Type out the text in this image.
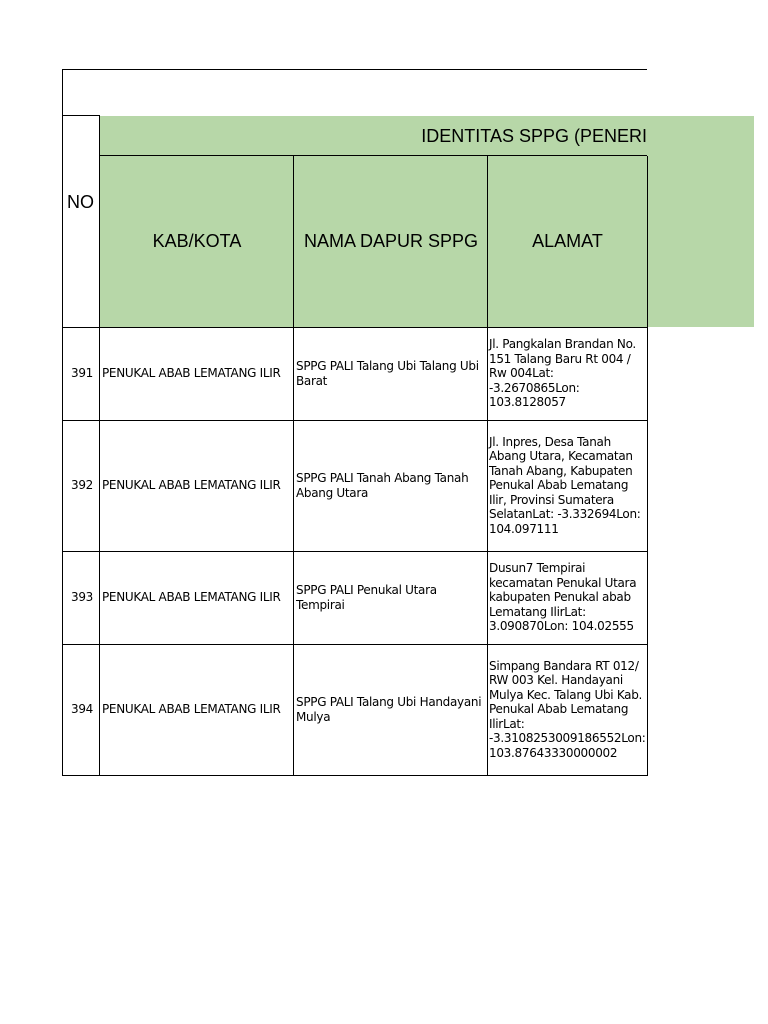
IDENTITAS SPPG (PENERI
NO
KAB/KOTA	NAMA DAPUR SPPG	ALAMAT
391 PENUKAL ABAB LEMATANG ILIR
SPPG PALI Talang Ubi Talang Ubi Barat
Jl. Pangkalan Brandan No. 151 Talang Baru Rt 004 / Rw 004Lat: -3.2670865Lon: 103.8128057
392 PENUKAL ABAB LEMATANG ILIR
SPPG PALI Tanah Abang Tanah Abang Utara
Jl. Inpres, Desa Tanah Abang Utara, Kecamatan Tanah Abang, Kabupaten Penukal Abab Lematang Ilir, Provinsi Sumatera SelatanLat: -3.332694Lon: 104.097111
393 PENUKAL ABAB LEMATANG ILIR
SPPG PALI Penukal Utara Tempirai
Dusun7 Tempirai kecamatan Penukal Utara kabupaten Penukal abab Lematang IlirLat: 3.090870Lon: 104.02555
394 PENUKAL ABAB LEMATANG ILIR
SPPG PALI Talang Ubi Handayani Mulya
Simpang Bandara RT 012/ RW 003 Kel. Handayani Mulya Kec. Talang Ubi Kab. Penukal Abab Lematang IlirLat: -3.3108253009186552Lon: 103.87643330000002
